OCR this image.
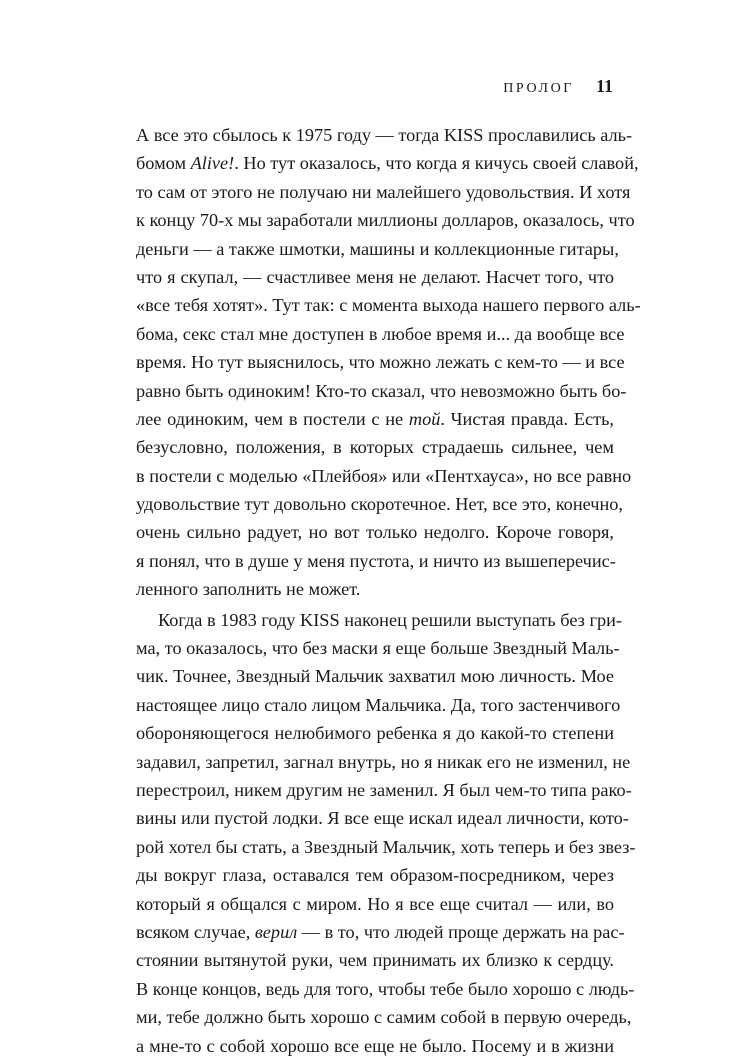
ПРОЛОГ 11
А все это сбылось к 1975 году — тогда KISS прославились аль-
бомом Alive!. Но тут оказалось, что когда я кичусь своей славой,
то сам от этого не получаю ни малейшего удовольствия. И хотя
к концу 70-х мы заработали миллионы долларов, оказалось, что
деньги — а также шмотки, машины и коллекционные гитары,
что я скупал, — счастливее меня не делают. Насчет того, что
«все тебя хотят». Тут так: с момента выхода нашего первого аль-
бома, секс стал мне доступен в любое время и... да вообще все
время. Но тут выяснилось, что можно лежать с кем-то — и все
равно быть одиноким! Кто-то сказал, что невозможно быть бо-
лее одиноким, чем в постели с не той. Чистая правда. Есть,
безусловно, положения, в которых страдаешь сильнее, чем
в постели с моделью «Плейбоя» или «Пентхауса», но все равно
удовольствие тут довольно скоротечное. Нет, все это, конечно,
очень сильно радует, но вот только недолго. Короче говоря,
я понял, что в душе у меня пустота, и ничто из вышеперечис-
ленного заполнить не может.
Когда в 1983 году KISS наконец решили выступать без гри-
ма, то оказалось, что без маски я еще больше Звездный Маль-
чик. Точнее, Звездный Мальчик захватил мою личность. Мое
настоящее лицо стало лицом Мальчика. Да, того застенчивого
обороняющегося нелюбимого ребенка я до какой-то степени
задавил, запретил, загнал внутрь, но я никак его не изменил, не
перестроил, никем другим не заменил. Я был чем-то типа рако-
вины или пустой лодки. Я все еще искал идеал личности, кото-
рой хотел бы стать, а Звездный Мальчик, хоть теперь и без звез-
ды вокруг глаза, оставался тем образом-посредником, через
который я общался с миром. Но я все еще считал — или, во
всяком случае, верил — в то, что людей проще держать на рас-
стоянии вытянутой руки, чем принимать их близко к сердцу.
В конце концов, ведь для того, чтобы тебе было хорошо с людь-
ми, тебе должно быть хорошо с самим собой в первую очередь,
а мне-то с собой хорошо все еще не было. Посему и в жизни
